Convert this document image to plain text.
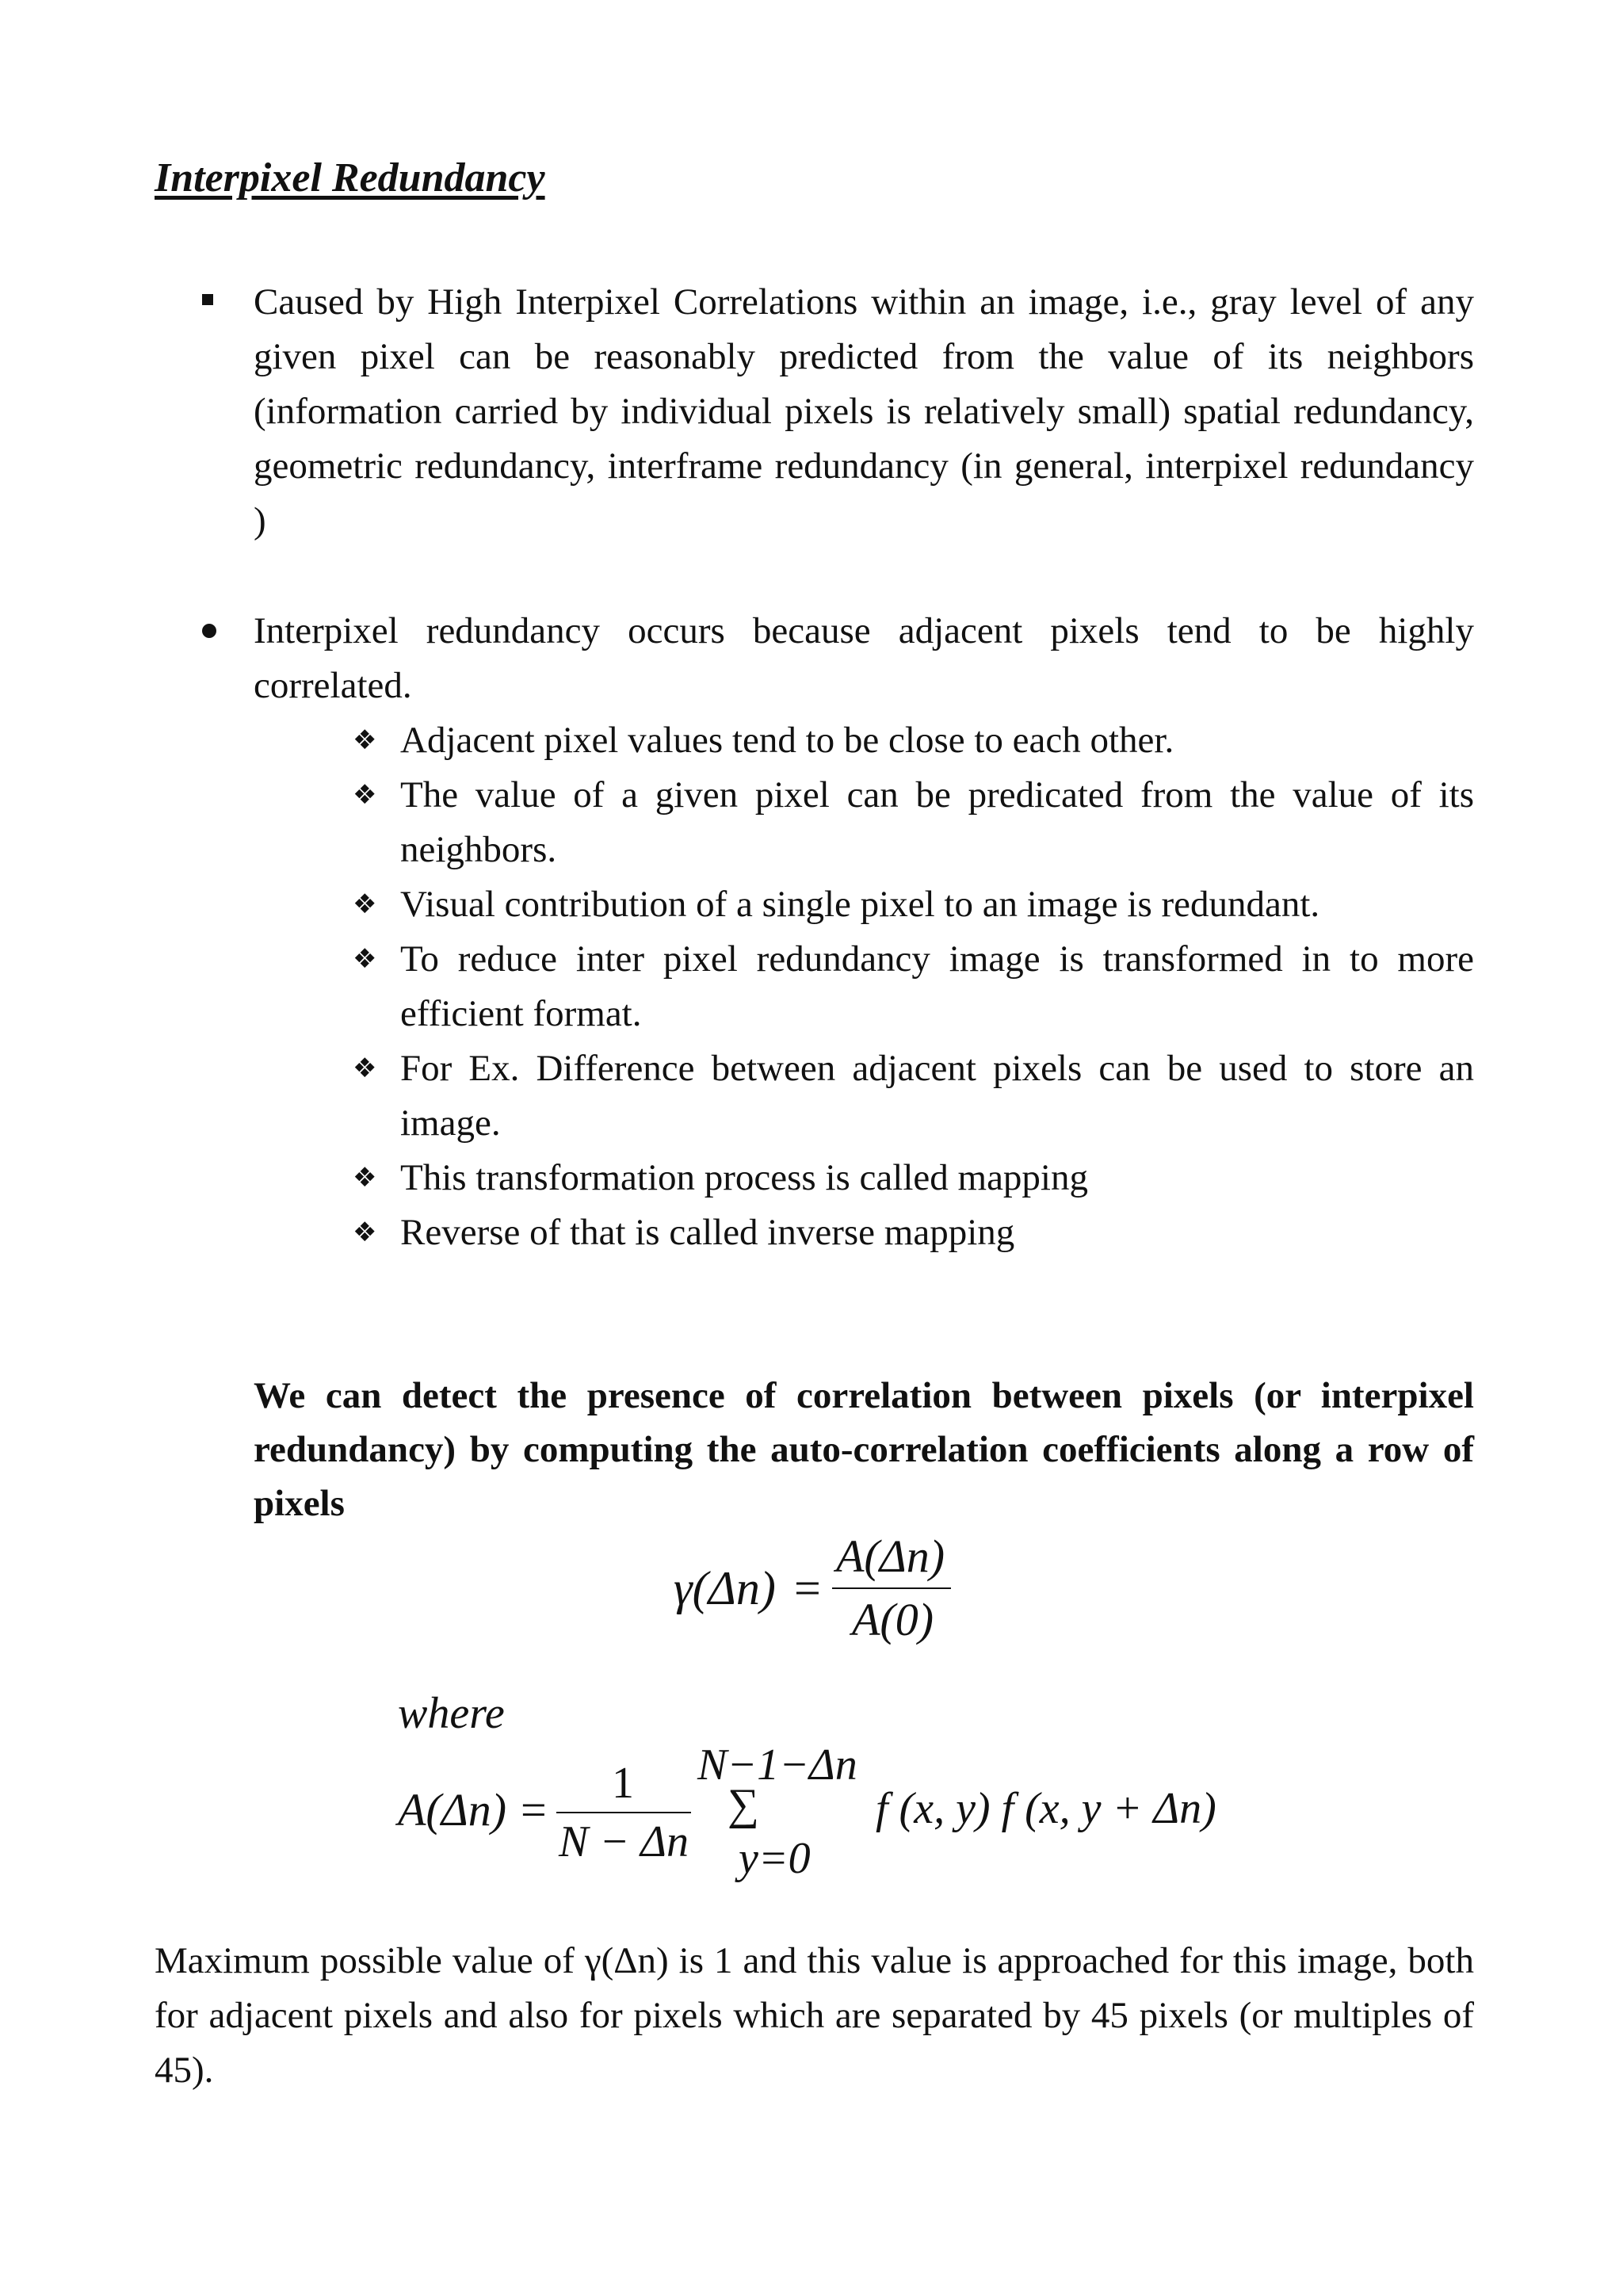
Interpixel Redundancy
Caused by High Interpixel Correlations within an image, i.e., gray level of any given pixel can be reasonably predicted from the value of its neighbors (information carried by individual pixels is relatively small) spatial redundancy, geometric redundancy, interframe redundancy (in general, interpixel redundancy )
Interpixel redundancy occurs because adjacent pixels tend to be highly correlated.
❖ Adjacent pixel values tend to be close to each other.
❖ The value of a given pixel can be predicated from the value of its neighbors.
❖ Visual contribution of a single pixel to an image is redundant.
❖ To reduce inter pixel redundancy image is transformed in to more efficient format.
❖ For Ex. Difference between adjacent pixels can be used to store an image.
❖ This transformation process is called mapping
❖ Reverse of that is called inverse mapping
We can detect the presence of correlation between pixels (or interpixel redundancy) by computing the auto-correlation coefficients along a row of pixels
γ(Δn) =
A(Δn)
A(0)
where
A(Δn) =
1
N − Δn
N−1−Δn
∑
y=0
f (x, y) f (x, y + Δn)
Maximum possible value of γ(Δn) is 1 and this value is approached for this image, both for adjacent pixels and also for pixels which are separated by 45 pixels (or multiples of 45).
